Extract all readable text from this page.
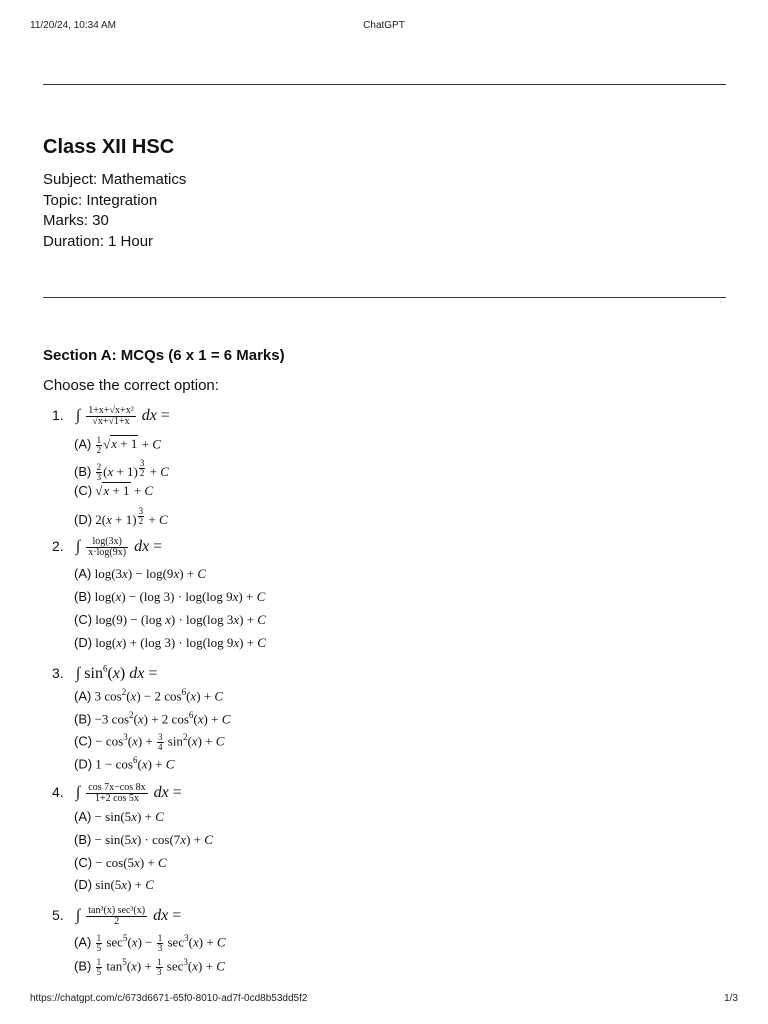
11/20/24, 10:34 AM	ChatGPT
Class XII HSC
Subject: Mathematics
Topic: Integration
Marks: 30
Duration: 1 Hour
Section A: MCQs (6 x 1 = 6 Marks)
Choose the correct option:
1. ∫ $\frac{\text{1+x+√x+x²}}{√x+√1+x}$ dx =
$(A) \frac{1}{2} √x + 1 + C$
$(B) \frac{2}{3} (x + 1) ^{\frac{3}{2}} + C$
(C) √x + 1 + C
(D) 2(x + 1) $^{\frac{3}{2}}$ + C
2. ∫ $\frac{\log(3x)}{x\cdot\log(9x)}$ dx =
(A) log(3x) − log(9x) + C
(B) log(x) − (log 3) · log(log 9x) + C
(C) log(9) − (log x) · log(log 3x) + C
(D) log(x) + (log 3) · log(log 9x) + C
3. ∫ $\sin^6(x)$ dx =
(A) 3 $\cos^2(x) - 2$ $\cos^6(x) + C$
(B) −3 $\cos^2(x) + 2$ $\cos^6(x) + C$
$(C) - \cos^3(x) + \frac{3}{4} \sin^2(x) + C$
(D) $1 - \cos^6(x) + C$
4. ∫ $\frac{\cos 7x-\cos 8x}{1+2 \cos 5x}$ dx =
(A) − sin(5x) + C
(B) − sin(5x) · cos(7x) + C
(C) − cos(5x) + C
(D) sin(5x) + C
5. ∫ $\frac{\text{tan³(x) sec³(x)}}{2}$ dx =
$(A) \frac{1}{5} \sec^5(x) - \frac{1}{3} \sec^3(x) + C$
$(B) \frac{1}{5} \tan^5(x) + \frac{1}{3} \sec^3(x) + C$
https://chatgpt.com/c/673d6671-65f0-8010-ad7f-0cd8b53dd5f2	1/3
